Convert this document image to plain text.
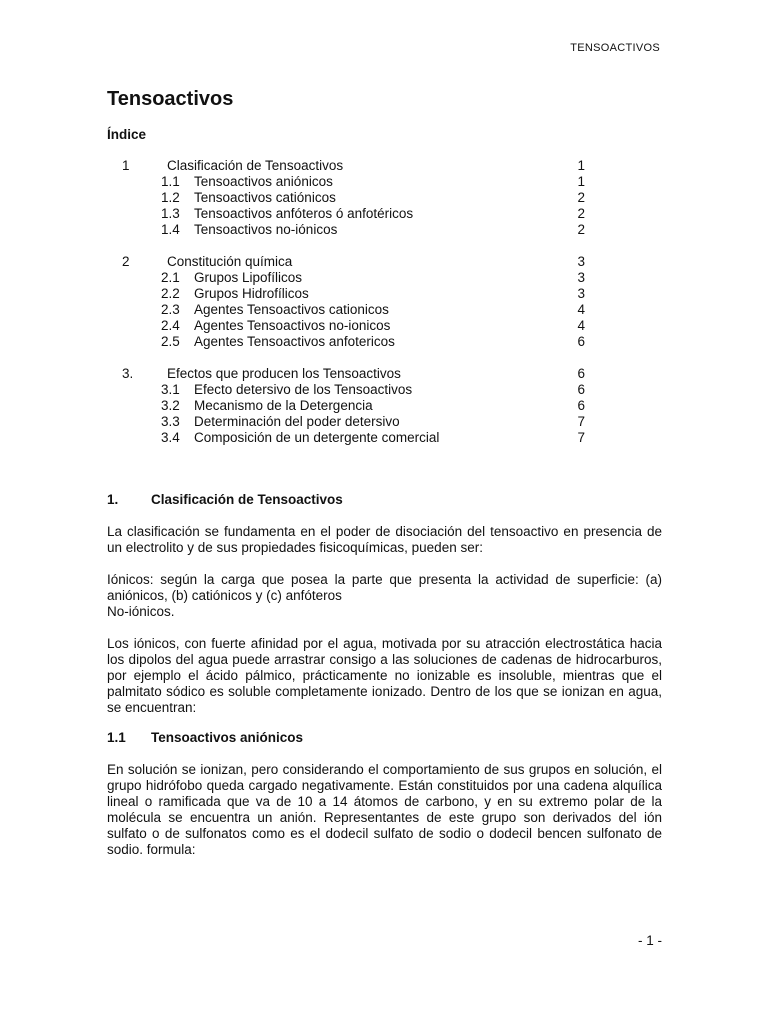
TENSOACTIVOS
Tensoactivos
Índice
1	Clasificación de Tensoactivos	1
1.1 Tensoactivos aniónicos	1
1.2 Tensoactivos catiónicos	2
1.3 Tensoactivos anfóteros ó anfotéricos	2
1.4 Tensoactivos no-iónicos	2
2	Constitución química	3
2.1 Grupos Lipofílicos	3
2.2 Grupos Hidrofílicos	3
2.3 Agentes Tensoactivos cationicos	4
2.4 Agentes Tensoactivos no-ionicos	4
2.5 Agentes Tensoactivos anfotericos	6
3. Efectos que producen los Tensoactivos	6
3.1 Efecto detersivo de los Tensoactivos	6
3.2 Mecanismo de la Detergencia	6
3.3 Determinación del poder detersivo	7
3.4 Composición de un detergente comercial	7
1. Clasificación de Tensoactivos
La clasificación se fundamenta en el poder de disociación del tensoactivo en presencia de un electrolito y de sus propiedades fisicoquímicas, pueden ser:
Iónicos: según la carga que posea la parte que presenta la actividad de superficie: (a) aniónicos, (b) catiónicos y (c) anfóteros
No-iónicos.
Los iónicos, con fuerte afinidad por el agua, motivada por su atracción electrostática hacia los dipolos del agua puede arrastrar consigo a las soluciones de cadenas de hidrocarburos, por ejemplo el ácido pálmico, prácticamente no ionizable es insoluble, mientras que el palmitato sódico es soluble completamente ionizado. Dentro de los que se ionizan en agua, se encuentran:
1.1 Tensoactivos aniónicos
En solución se ionizan, pero considerando el comportamiento de sus grupos en solución, el grupo hidrófobo queda cargado negativamente. Están constituidos por una cadena alquílica lineal o ramificada que va de 10 a 14 átomos de carbono, y en su extremo polar de la molécula se encuentra un anión. Representantes de este grupo son derivados del ión sulfato o de sulfonatos como es el dodecil sulfato de sodio o dodecil bencen sulfonato de sodio. formula:
- 1 -
